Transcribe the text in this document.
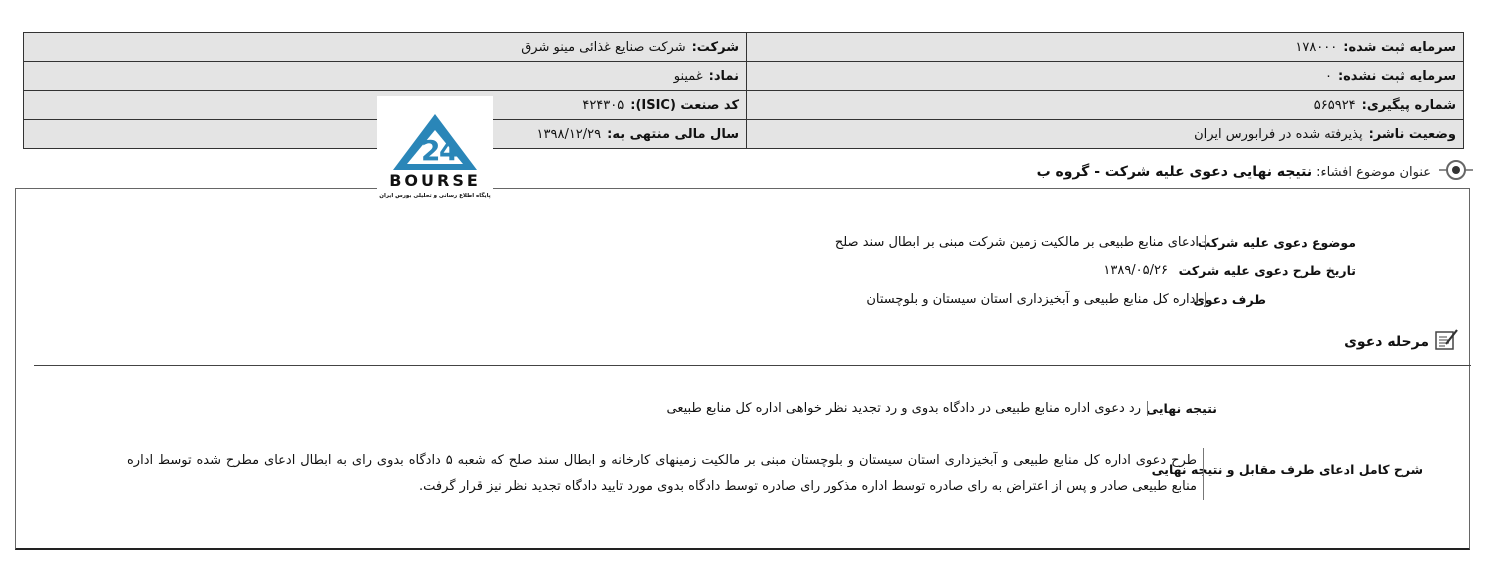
شرکت:شرکت صنایع غذائی مینو شرق	سرمایه ثبت شده:۱۷۸۰۰۰
نماد:غمینو	سرمایه ثبت نشده:۰
کد صنعت (ISIC):۴۲۴۳۰۵	شماره پیگیری:۵۶۵۹۲۴
سال مالی منتهی به:۱۳۹۸/۱۲/۲۹	وضعیت ناشر:پذیرفته شده در فرابورس ایران
2
4
BOURSE
پایگاه اطلاع رسانی و تحلیلی بورس ایران
عنوان موضوع افشاء:
نتیجه نهایی دعوی علیه شرکت - گروه ب
موضوع دعوی علیه شرکت
ادعای منابع طبیعی بر مالکیت زمین شرکت مبنی بر ابطال سند صلح
تاریخ طرح دعوی علیه شرکت
۱۳۸۹/۰۵/۲۶
طرف دعوی
اداره کل منابع طبیعی و آبخیزداری استان سیستان و بلوچستان
مرحله دعوی
نتیجه نهایی
رد دعوی اداره منابع طبیعی در دادگاه بدوی و رد تجدید نظر خواهی اداره کل منابع طبیعی
شرح کامل ادعای طرف مقابل و نتیجه نهایی
طرح دعوی اداره کل منابع طبیعی و آبخیزداری استان سیستان و بلوچستان مبنی بر مالکیت زمینهای کارخانه و ابطال سند صلح که شعبه ۵ دادگاه بدوی رای به ابطال ادعای مطرح شده توسط اداره منابع طبیعی صادر و پس از اعتراض به رای صادره توسط اداره مذکور رای صادره توسط دادگاه بدوی مورد تایید دادگاه تجدید نظر نیز قرار گرفت.
